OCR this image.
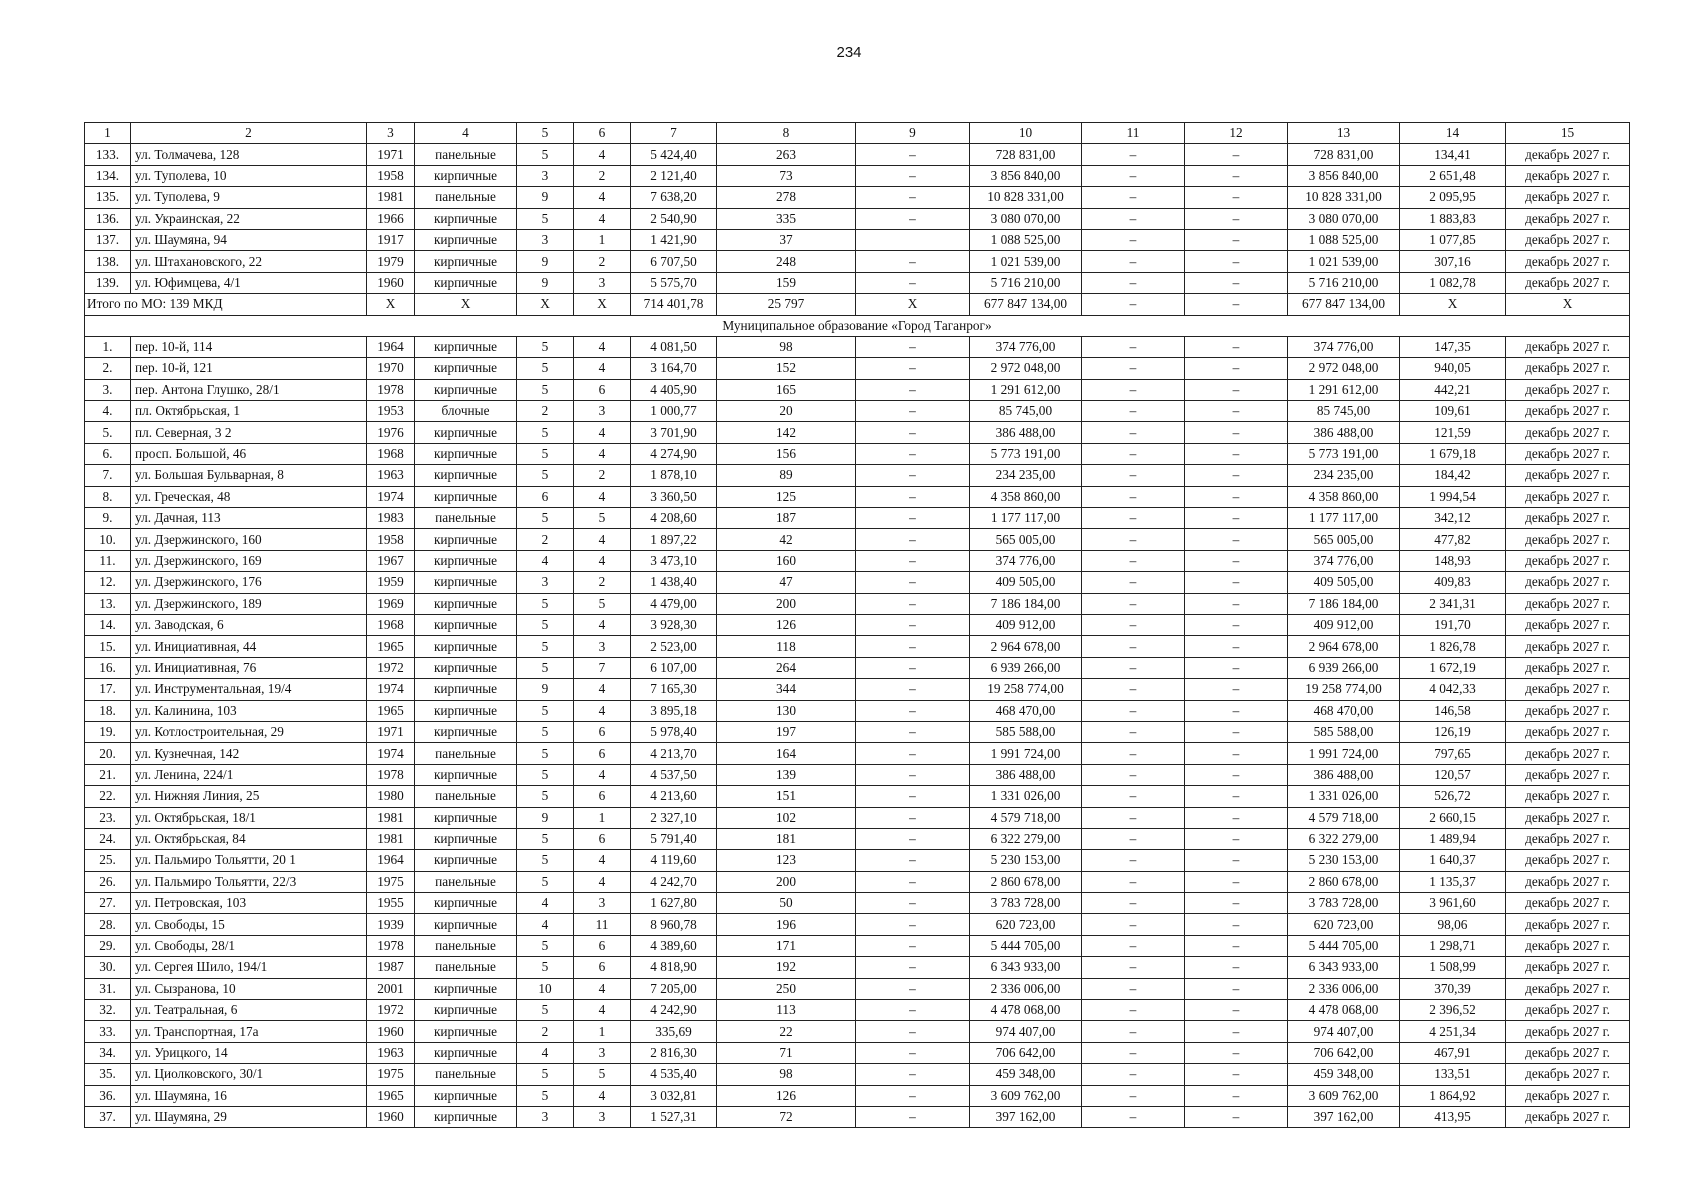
234
1	2	3	4	5	6	7	8	9	10	11	12	13	14	15
133.	ул. Толмачева, 128	1971	панельные	5	4	5 424,40	263	–	728 831,00	–	–	728 831,00	134,41	декабрь 2027 г.
134.	ул. Туполева, 10	1958	кирпичные	3	2	2 121,40	73	–	3 856 840,00	–	–	3 856 840,00	2 651,48	декабрь 2027 г.
135.	ул. Туполева, 9	1981	панельные	9	4	7 638,20	278	–	10 828 331,00	–	–	10 828 331,00	2 095,95	декабрь 2027 г.
136.	ул. Украинская, 22	1966	кирпичные	5	4	2 540,90	335	–	3 080 070,00	–	–	3 080 070,00	1 883,83	декабрь 2027 г.
137.	ул. Шаумяна, 94	1917	кирпичные	3	1	1 421,90	37		1 088 525,00	–	–	1 088 525,00	1 077,85	декабрь 2027 г.
138.	ул. Штахановского, 22	1979	кирпичные	9	2	6 707,50	248	–	1 021 539,00	–	–	1 021 539,00	307,16	декабрь 2027 г.
139.	ул. Юфимцева, 4/1	1960	кирпичные	9	3	5 575,70	159	–	5 716 210,00	–	–	5 716 210,00	1 082,78	декабрь 2027 г.
Итого по МО: 139 МКД		X	X	X	X	714 401,78	25 797	X	677 847 134,00	–	–	677 847 134,00	X	X
Муниципальное образование «Город Таганрог»														
1.	пер. 10-й, 114	1964	кирпичные	5	4	4 081,50	98	–	374 776,00	–	–	374 776,00	147,35	декабрь 2027 г.
2.	пер. 10-й, 121	1970	кирпичные	5	4	3 164,70	152	–	2 972 048,00	–	–	2 972 048,00	940,05	декабрь 2027 г.
3.	пер. Антона Глушко, 28/1	1978	кирпичные	5	6	4 405,90	165	–	1 291 612,00	–	–	1 291 612,00	442,21	декабрь 2027 г.
4.	пл. Октябрьская, 1	1953	блочные	2	3	1 000,77	20	–	85 745,00	–	–	85 745,00	109,61	декабрь 2027 г.
5.	пл. Северная, 3 2	1976	кирпичные	5	4	3 701,90	142	–	386 488,00	–	–	386 488,00	121,59	декабрь 2027 г.
6.	просп. Большой, 46	1968	кирпичные	5	4	4 274,90	156	–	5 773 191,00	–	–	5 773 191,00	1 679,18	декабрь 2027 г.
7.	ул. Большая Бульварная, 8	1963	кирпичные	5	2	1 878,10	89	–	234 235,00	–	–	234 235,00	184,42	декабрь 2027 г.
8.	ул. Греческая, 48	1974	кирпичные	6	4	3 360,50	125	–	4 358 860,00	–	–	4 358 860,00	1 994,54	декабрь 2027 г.
9.	ул. Дачная, 113	1983	панельные	5	5	4 208,60	187	–	1 177 117,00	–	–	1 177 117,00	342,12	декабрь 2027 г.
10.	ул. Дзержинского, 160	1958	кирпичные	2	4	1 897,22	42	–	565 005,00	–	–	565 005,00	477,82	декабрь 2027 г.
11.	ул. Дзержинского, 169	1967	кирпичные	4	4	3 473,10	160	–	374 776,00	–	–	374 776,00	148,93	декабрь 2027 г.
12.	ул. Дзержинского, 176	1959	кирпичные	3	2	1 438,40	47	–	409 505,00	–	–	409 505,00	409,83	декабрь 2027 г.
13.	ул. Дзержинского, 189	1969	кирпичные	5	5	4 479,00	200	–	7 186 184,00	–	–	7 186 184,00	2 341,31	декабрь 2027 г.
14.	ул. Заводская, 6	1968	кирпичные	5	4	3 928,30	126	–	409 912,00	–	–	409 912,00	191,70	декабрь 2027 г.
15.	ул. Инициативная, 44	1965	кирпичные	5	3	2 523,00	118	–	2 964 678,00	–	–	2 964 678,00	1 826,78	декабрь 2027 г.
16.	ул. Инициативная, 76	1972	кирпичные	5	7	6 107,00	264	–	6 939 266,00	–	–	6 939 266,00	1 672,19	декабрь 2027 г.
17.	ул. Инструментальная, 19/4	1974	кирпичные	9	4	7 165,30	344	–	19 258 774,00	–	–	19 258 774,00	4 042,33	декабрь 2027 г.
18.	ул. Калинина, 103	1965	кирпичные	5	4	3 895,18	130	–	468 470,00	–	–	468 470,00	146,58	декабрь 2027 г.
19.	ул. Котлостроительная, 29	1971	кирпичные	5	6	5 978,40	197	–	585 588,00	–	–	585 588,00	126,19	декабрь 2027 г.
20.	ул. Кузнечная, 142	1974	панельные	5	6	4 213,70	164	–	1 991 724,00	–	–	1 991 724,00	797,65	декабрь 2027 г.
21.	ул. Ленина, 224/1	1978	кирпичные	5	4	4 537,50	139	–	386 488,00	–	–	386 488,00	120,57	декабрь 2027 г.
22.	ул. Нижняя Линия, 25	1980	панельные	5	6	4 213,60	151	–	1 331 026,00	–	–	1 331 026,00	526,72	декабрь 2027 г.
23.	ул. Октябрьская, 18/1	1981	кирпичные	9	1	2 327,10	102	–	4 579 718,00	–	–	4 579 718,00	2 660,15	декабрь 2027 г.
24.	ул. Октябрьская, 84	1981	кирпичные	5	6	5 791,40	181	–	6 322 279,00	–	–	6 322 279,00	1 489,94	декабрь 2027 г.
25.	ул. Пальмиро Тольятти, 20 1	1964	кирпичные	5	4	4 119,60	123	–	5 230 153,00	–	–	5 230 153,00	1 640,37	декабрь 2027 г.
26.	ул. Пальмиро Тольятти, 22/3	1975	панельные	5	4	4 242,70	200	–	2 860 678,00	–	–	2 860 678,00	1 135,37	декабрь 2027 г.
27.	ул. Петровская, 103	1955	кирпичные	4	3	1 627,80	50	–	3 783 728,00	–	–	3 783 728,00	3 961,60	декабрь 2027 г.
28.	ул. Свободы, 15	1939	кирпичные	4	11	8 960,78	196	–	620 723,00	–	–	620 723,00	98,06	декабрь 2027 г.
29.	ул. Свободы, 28/1	1978	панельные	5	6	4 389,60	171	–	5 444 705,00	–	–	5 444 705,00	1 298,71	декабрь 2027 г.
30.	ул. Сергея Шило, 194/1	1987	панельные	5	6	4 818,90	192	–	6 343 933,00	–	–	6 343 933,00	1 508,99	декабрь 2027 г.
31.	ул. Сызранова, 10	2001	кирпичные	10	4	7 205,00	250	–	2 336 006,00	–	–	2 336 006,00	370,39	декабрь 2027 г.
32.	ул. Театральная, 6	1972	кирпичные	5	4	4 242,90	113	–	4 478 068,00	–	–	4 478 068,00	2 396,52	декабрь 2027 г.
33.	ул. Транспортная, 17а	1960	кирпичные	2	1	335,69	22	–	974 407,00	–	–	974 407,00	4 251,34	декабрь 2027 г.
34.	ул. Урицкого, 14	1963	кирпичные	4	3	2 816,30	71	–	706 642,00	–	–	706 642,00	467,91	декабрь 2027 г.
35.	ул. Циолковского, 30/1	1975	панельные	5	5	4 535,40	98	–	459 348,00	–	–	459 348,00	133,51	декабрь 2027 г.
36.	ул. Шаумяна, 16	1965	кирпичные	5	4	3 032,81	126	–	3 609 762,00	–	–	3 609 762,00	1 864,92	декабрь 2027 г.
37.	ул. Шаумяна, 29	1960	кирпичные	3	3	1 527,31	72	–	397 162,00	–	–	397 162,00	413,95	декабрь 2027 г.
